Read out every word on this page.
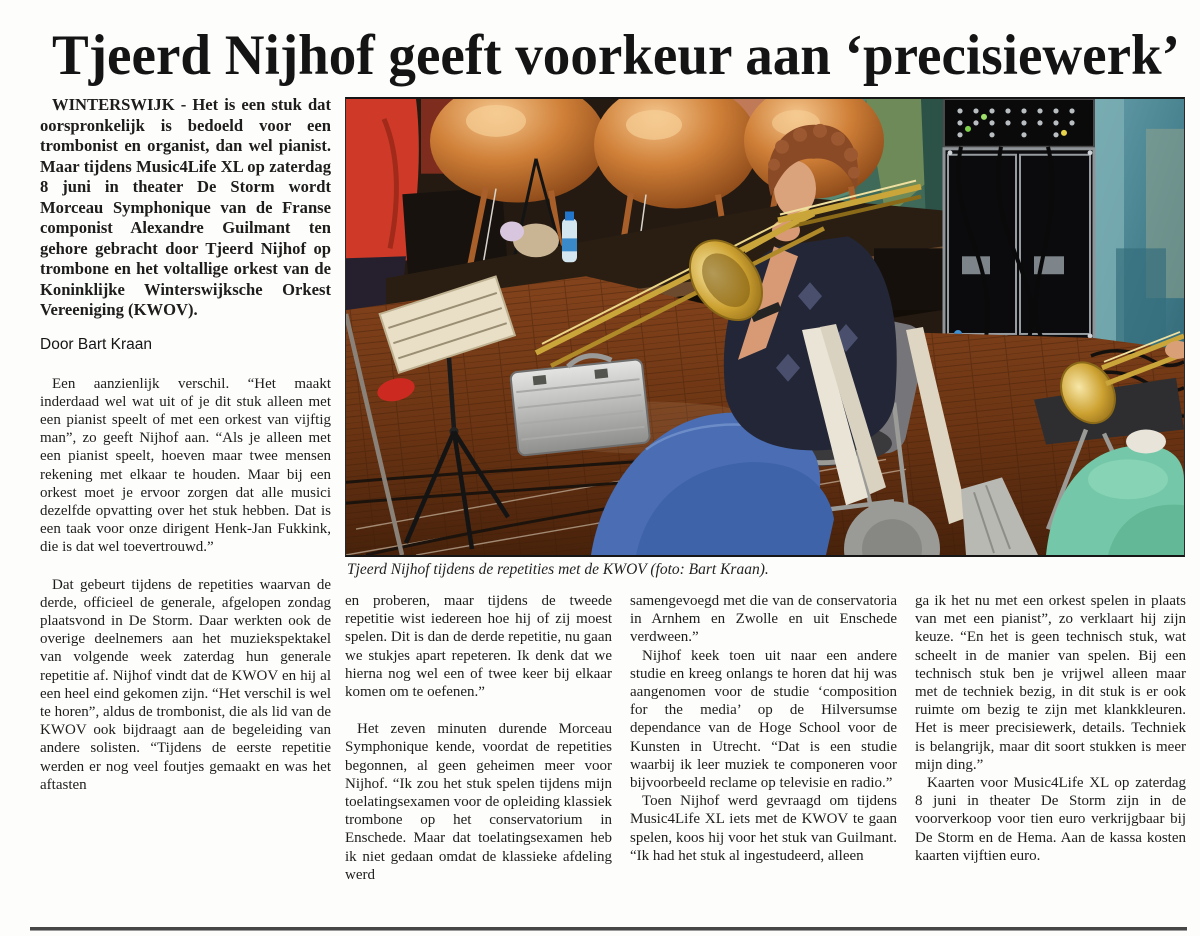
Tjeerd Nijhof geeft voorkeur aan ‘precisiewerk’

WINTERSWIJK - Het is een stuk dat oorspronkelijk is bedoeld voor een trombonist en organist, dan wel pianist. Maar tijdens Music4Life XL op zaterdag 8 juni in theater De Storm wordt Morceau Symphonique van de Franse componist Alexandre Guilmant ten gehore gebracht door Tjeerd Nijhof op trombone en het voltallige orkest van de Koninklijke Winterswijksche Orkest Vereeniging (KWOV).

Door Bart Kraan

Een aanzienlijk verschil. “Het maakt inderdaad wel wat uit of je dit stuk alleen met een pianist speelt of met een orkest van vijftig man”, zo geeft Nijhof aan. “Als je alleen met een pianist speelt, hoeven maar twee mensen rekening met elkaar te houden. Maar bij een orkest moet je ervoor zorgen dat alle musici dezelfde opvatting over het stuk hebben. Dat is een taak voor onze dirigent Henk-Jan Fukkink, die is dat wel toevertrouwd.”

Dat gebeurt tijdens de repetities waarvan de derde, officieel de generale, afgelopen zondag plaatsvond in De Storm. Daar werkten ook de overige deelnemers aan het muziekspektakel van volgende week zaterdag hun generale repetitie af. Nijhof vindt dat de KWOV en hij al een heel eind gekomen zijn. “Het verschil is wel te horen”, aldus de trombonist, die als lid van de KWOV ook bijdraagt aan de begeleiding van andere solisten. “Tijdens de eerste repetitie werden er nog veel foutjes gemaakt en was het aftasten

Tjeerd Nijhof tijdens de repetities met de KWOV (foto: Bart Kraan).

en proberen, maar tijdens de tweede repetitie wist iedereen hoe hij of zij moest spelen. Dit is dan de derde repetitie, nu gaan we stukjes apart repeteren. Ik denk dat we hierna nog wel een of twee keer bij elkaar komen om te oefenen.”

Het zeven minuten durende Morceau Symphonique kende, voordat de repetities begonnen, al geen geheimen meer voor Nijhof. “Ik zou het stuk spelen tijdens mijn toelatingsexamen voor de opleiding klassiek trombone op het conservatorium in Enschede. Maar dat toelatingsexamen heb ik niet gedaan omdat de klassieke afdeling werd

samengevoegd met die van de conservatoria in Arnhem en Zwolle en uit Enschede verdween.”

Nijhof keek toen uit naar een andere studie en kreeg onlangs te horen dat hij was aangenomen voor de studie ‘composition for the media’ op de Hilversumse dependance van de Hoge School voor de Kunsten in Utrecht. “Dat is een studie waarbij ik leer muziek te componeren voor bijvoorbeeld reclame op televisie en radio.”

Toen Nijhof werd gevraagd om tijdens Music4Life XL iets met de KWOV te gaan spelen, koos hij voor het stuk van Guilmant. “Ik had het stuk al ingestudeerd, alleen

ga ik het nu met een orkest spelen in plaats van met een pianist”, zo verklaart hij zijn keuze. “En het is geen technisch stuk, wat scheelt in de manier van spelen. Bij een technisch stuk ben je vrijwel alleen maar met de techniek bezig, in dit stuk is er ook ruimte om bezig te zijn met klankkleuren. Het is meer precisiewerk, details. Techniek is belangrijk, maar dit soort stukken is meer mijn ding.”

Kaarten voor Music4Life XL op zaterdag 8 juni in theater De Storm zijn in de voorverkoop voor tien euro verkrijgbaar bij De Storm en de Hema. Aan de kassa kosten kaarten vijftien euro.
